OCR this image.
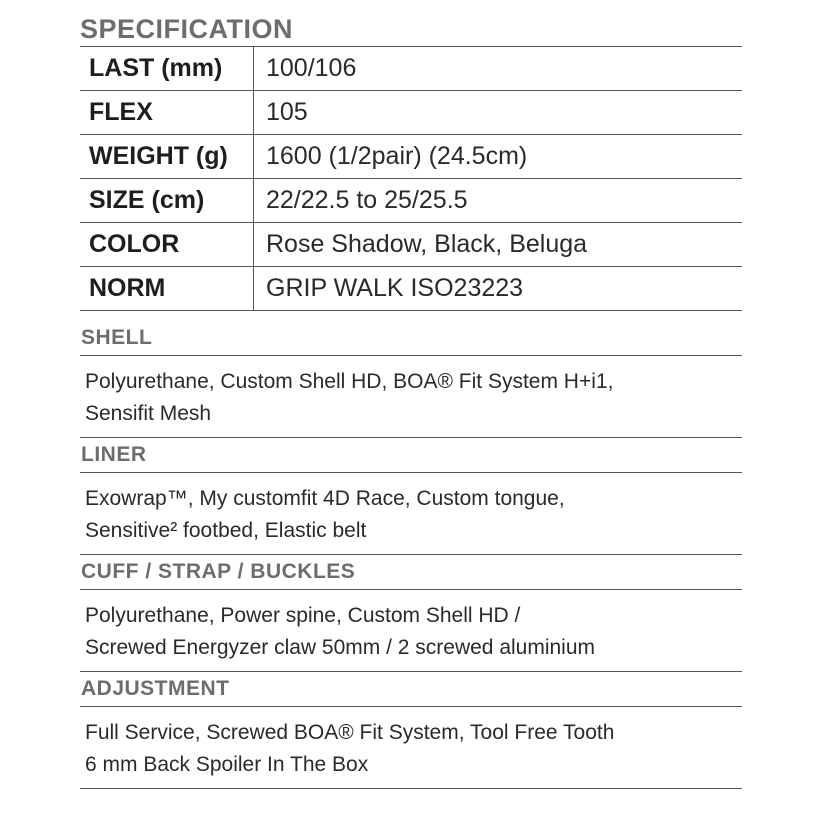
SPECIFICATION
LAST (mm)	100/106
FLEX	105
WEIGHT (g)	1600 (1/2pair) (24.5cm)
SIZE (cm)	22/22.5 to 25/25.5
COLOR	Rose Shadow, Black, Beluga
NORM	GRIP WALK ISO23223
SHELL
Polyurethane, Custom Shell HD, BOA® Fit System H+i1,
Sensifit Mesh
LINER
Exowrap™, My customfit 4D Race, Custom tongue,
Sensitive² footbed, Elastic belt
CUFF / STRAP / BUCKLES
Polyurethane, Power spine, Custom Shell HD /
Screwed Energyzer claw 50mm / 2 screwed aluminium
ADJUSTMENT
Full Service, Screwed BOA® Fit System, Tool Free Tooth
6 mm Back Spoiler In The Box
